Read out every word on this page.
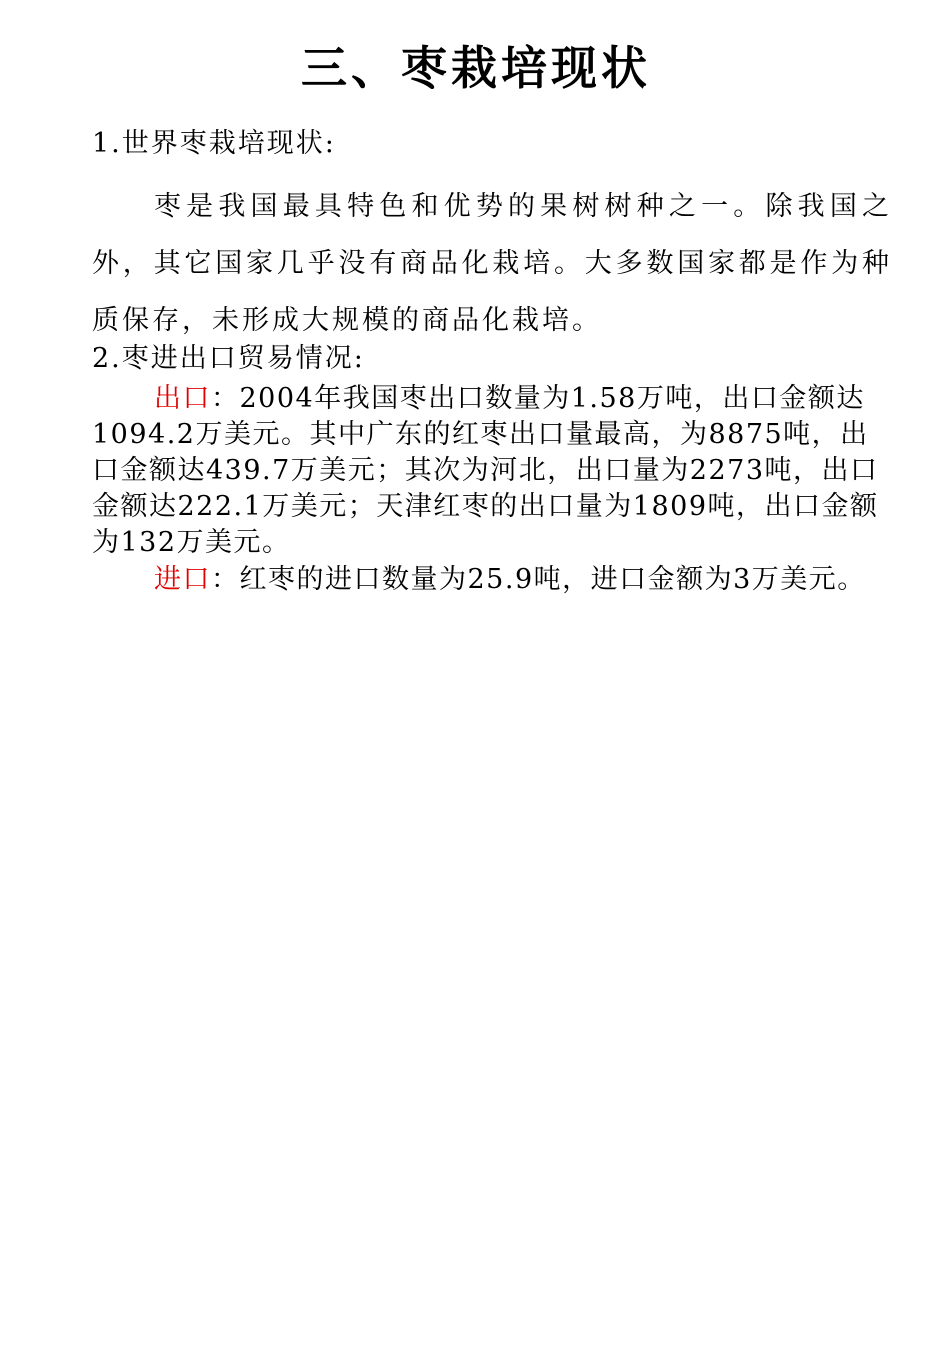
三、枣栽培现状

1.世界枣栽培现状:

枣是我国最具特色和优势的果树树种之一。除我国之外，其它国家几乎没有商品化栽培。大多数国家都是作为种质保存，未形成大规模的商品化栽培。

2.枣进出口贸易情况:

出口：2004年我国枣出口数量为1.58万吨，出口金额达1094.2万美元。其中广东的红枣出口量最高，为8875吨，出口金额达439.7万美元；其次为河北，出口量为2273吨，出口金额达222.1万美元；天津红枣的出口量为1809吨，出口金额为132万美元。

进口：红枣的进口数量为25.9吨，进口金额为3万美元。
